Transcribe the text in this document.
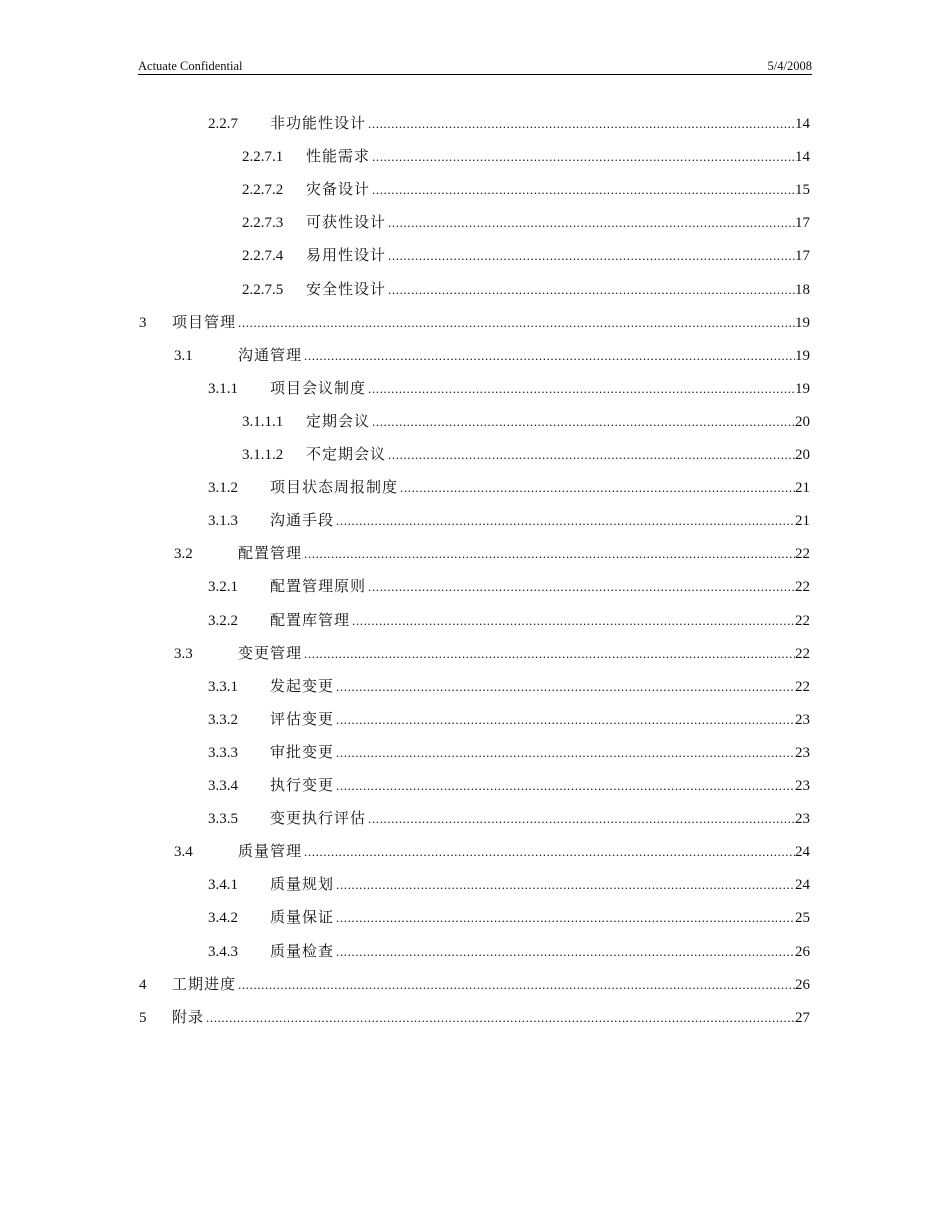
Actuate Confidential	5/4/2008
2.2.7 非功能性设计 .....	14
2.2.7.1 性能需求 .....	14
2.2.7.2 灾备设计 .....	15
2.2.7.3 可获性设计 .....	17
2.2.7.4 易用性设计 .....	17
2.2.7.5 安全性设计 .....	18
3 项目管理 .....	19
3.1	沟通管理 .....	19
3.1.1 项目会议制度 .....	19
3.1.1.1 定期会议 .....	20
3.1.1.2 不定期会议 .....	20
3.1.2 项目状态周报制度 .....	21
3.1.3 沟通手段 .....	21
3.2	配置管理 .....	22
3.2.1 配置管理原则 .....	22
3.2.2 配置库管理 .....	22
3.3	变更管理 .....	22
3.3.1 发起变更 .....	22
3.3.2 评估变更 .....	23
3.3.3 审批变更 .....	23
3.3.4 执行变更 .....	23
3.3.5 变更执行评估 .....	23
3.4	质量管理 .....	24
3.4.1 质量规划 .....	24
3.4.2 质量保证 .....	25
3.4.3 质量检查 .....	26
4 工期进度 .....	26
5 附录 .....	27
